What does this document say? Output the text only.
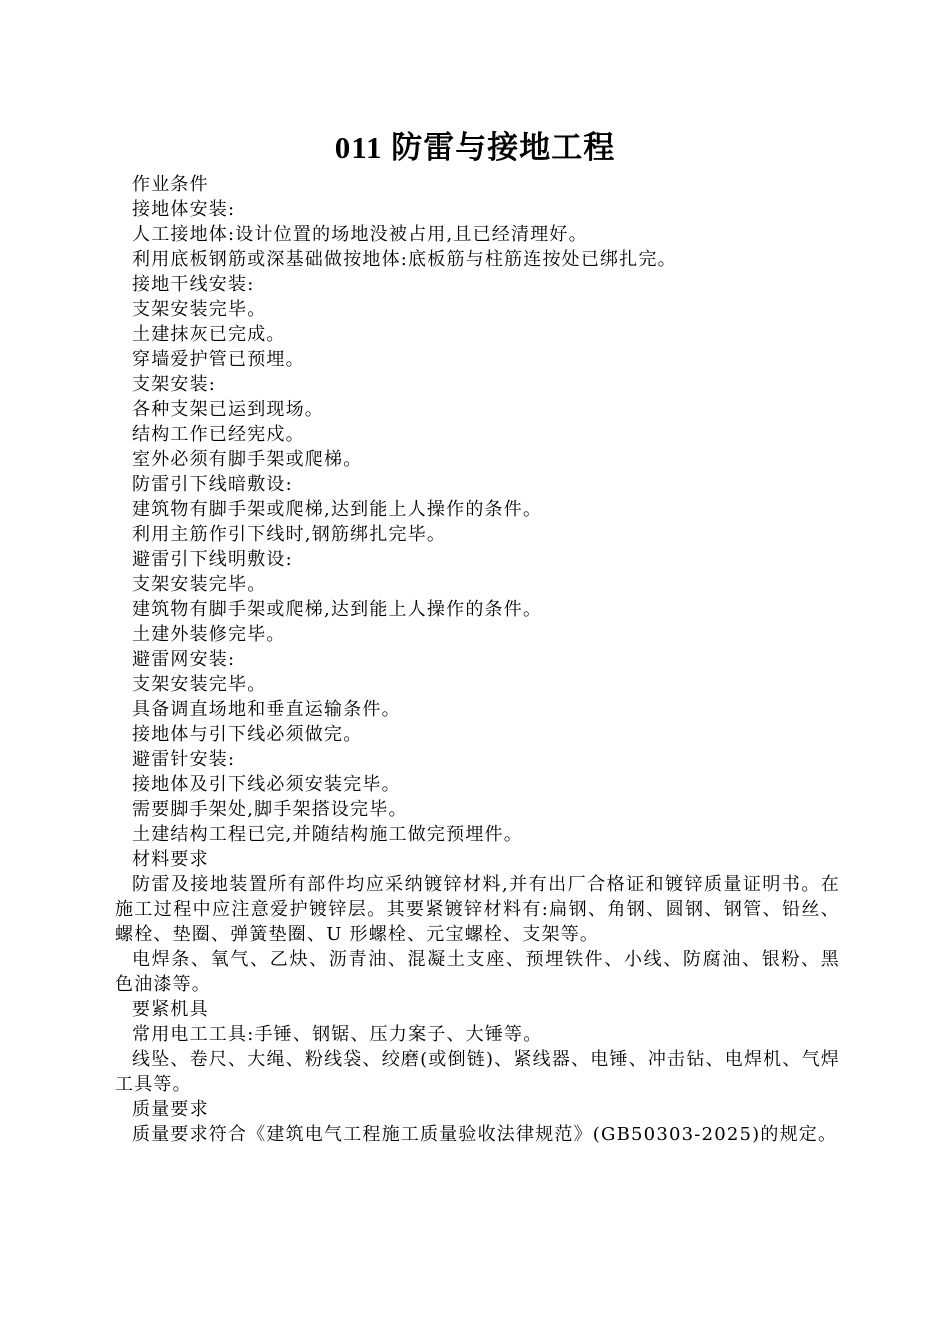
011 防雷与接地工程
作业条件
接地体安装:
人工接地体:设计位置的场地没被占用,且已经清理好。
利用底板钢筋或深基础做按地体:底板筋与柱筋连按处已绑扎完。
接地干线安装:
支架安装完毕。
土建抹灰已完成。
穿墙爱护管已预埋。
支架安装:
各种支架已运到现场。
结构工作已经宪戍。
室外必须有脚手架或爬梯。
防雷引下线暗敷设:
建筑物有脚手架或爬梯,达到能上人操作的条件。
利用主筋作引下线时,钢筋绑扎完毕。
避雷引下线明敷设:
支架安装完毕。
建筑物有脚手架或爬梯,达到能上人操作的条件。
土建外装修完毕。
避雷网安装:
支架安装完毕。
具备调直场地和垂直运输条件。
接地体与引下线必须做完。
避雷针安装:
接地体及引下线必须安装完毕。
需要脚手架处,脚手架搭设完毕。
土建结构工程已完,并随结构施工做完预埋件。
材料要求
防雷及接地装置所有部件均应采纳镀锌材料,并有出厂合格证和镀锌质量证明书。在施工过程中应注意爱护镀锌层。其要紧镀锌材料有:扁钢、角钢、圆钢、钢管、铅丝、螺栓、垫圈、弹簧垫圈、U 形螺栓、元宝螺栓、支架等。
电焊条、氧气、乙炔、沥青油、混凝土支座、预埋铁件、小线、防腐油、银粉、黑色油漆等。
要紧机具
常用电工工具:手锤、钢锯、压力案子、大锤等。
线坠、卷尺、大绳、粉线袋、绞磨(或倒链)、紧线器、电锤、冲击钻、电焊机、气焊工具等。
质量要求
质量要求符合《建筑电气工程施工质量验收法律规范》(GB50303-2025)的规定。
